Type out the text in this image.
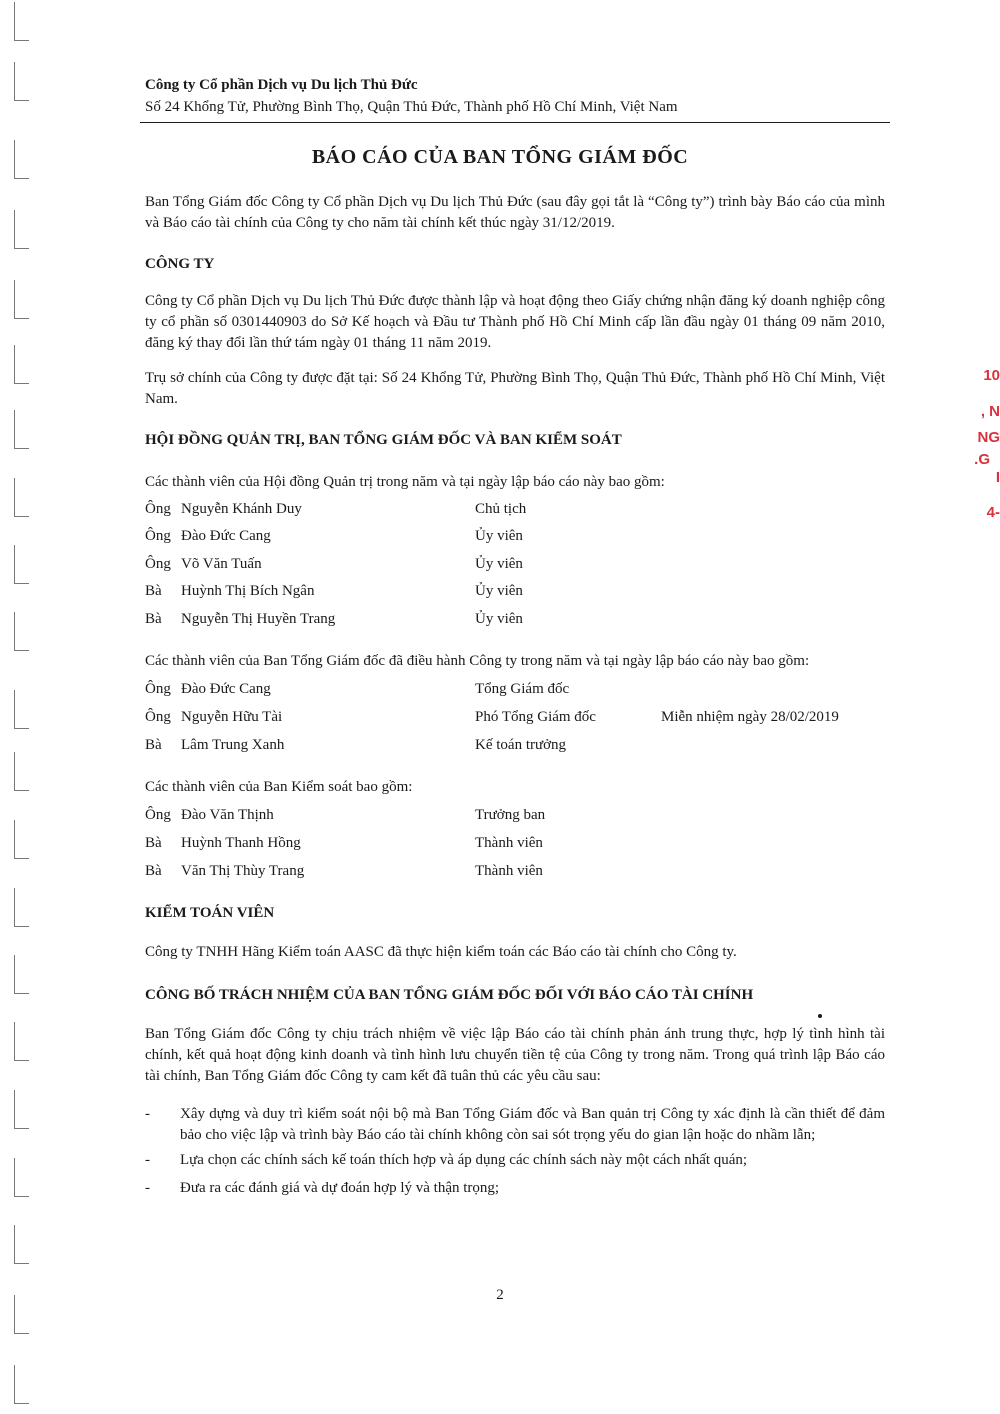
10
, N
NG
.G
I
4-
Công ty Cổ phần Dịch vụ Du lịch Thủ Đức
Số 24 Khổng Tử, Phường Bình Thọ, Quận Thủ Đức, Thành phố Hồ Chí Minh, Việt Nam
BÁO CÁO CỦA BAN TỔNG GIÁM ĐỐC
Ban Tổng Giám đốc Công ty Cổ phần Dịch vụ Du lịch Thủ Đức (sau đây gọi tắt là “Công ty”) trình bày Báo cáo của mình và Báo cáo tài chính của Công ty cho năm tài chính kết thúc ngày 31/12/2019.
CÔNG TY
Công ty Cổ phần Dịch vụ Du lịch Thủ Đức được thành lập và hoạt động theo Giấy chứng nhận đăng ký doanh nghiệp công ty cổ phần số 0301440903 do Sở Kế hoạch và Đầu tư Thành phố Hồ Chí Minh cấp lần đầu ngày 01 tháng 09 năm 2010, đăng ký thay đổi lần thứ tám ngày 01 tháng 11 năm 2019.
Trụ sở chính của Công ty được đặt tại: Số 24 Khổng Tử, Phường Bình Thọ, Quận Thủ Đức, Thành phố Hồ Chí Minh, Việt Nam.
HỘI ĐỒNG QUẢN TRỊ, BAN TỔNG GIÁM ĐỐC VÀ BAN KIỂM SOÁT
Các thành viên của Hội đồng Quản trị trong năm và tại ngày lập báo cáo này bao gồm:
Ông Nguyễn Khánh Duy	Chủ tịch
Ông Đào Đức Cang	Ủy viên
Ông Võ Văn Tuấn	Ủy viên
Bà Huỳnh Thị Bích Ngân	Ủy viên
Bà Nguyễn Thị Huyền Trang	Ủy viên
Các thành viên của Ban Tổng Giám đốc đã điều hành Công ty trong năm và tại ngày lập báo cáo này bao gồm:
Ông Đào Đức Cang	Tổng Giám đốc
Ông Nguyễn Hữu Tài	Phó Tổng Giám đốc	Miễn nhiệm ngày 28/02/2019
Bà Lâm Trung Xanh	Kế toán trưởng
Các thành viên của Ban Kiểm soát bao gồm:
Ông Đào Văn Thịnh	Trưởng ban
Bà Huỳnh Thanh Hồng	Thành viên
Bà Văn Thị Thùy Trang	Thành viên
KIỂM TOÁN VIÊN
Công ty TNHH Hãng Kiểm toán AASC đã thực hiện kiểm toán các Báo cáo tài chính cho Công ty.
CÔNG BỐ TRÁCH NHIỆM CỦA BAN TỔNG GIÁM ĐỐC ĐỐI VỚI BÁO CÁO TÀI CHÍNH
Ban Tổng Giám đốc Công ty chịu trách nhiệm về việc lập Báo cáo tài chính phản ánh trung thực, hợp lý tình hình tài chính, kết quả hoạt động kinh doanh và tình hình lưu chuyển tiền tệ của Công ty trong năm. Trong quá trình lập Báo cáo tài chính, Ban Tổng Giám đốc Công ty cam kết đã tuân thủ các yêu cầu sau:
- Xây dựng và duy trì kiểm soát nội bộ mà Ban Tổng Giám đốc và Ban quản trị Công ty xác định là cần thiết để đảm bảo cho việc lập và trình bày Báo cáo tài chính không còn sai sót trọng yếu do gian lận hoặc do nhầm lẫn;
- Lựa chọn các chính sách kế toán thích hợp và áp dụng các chính sách này một cách nhất quán;
- Đưa ra các đánh giá và dự đoán hợp lý và thận trọng;
2
